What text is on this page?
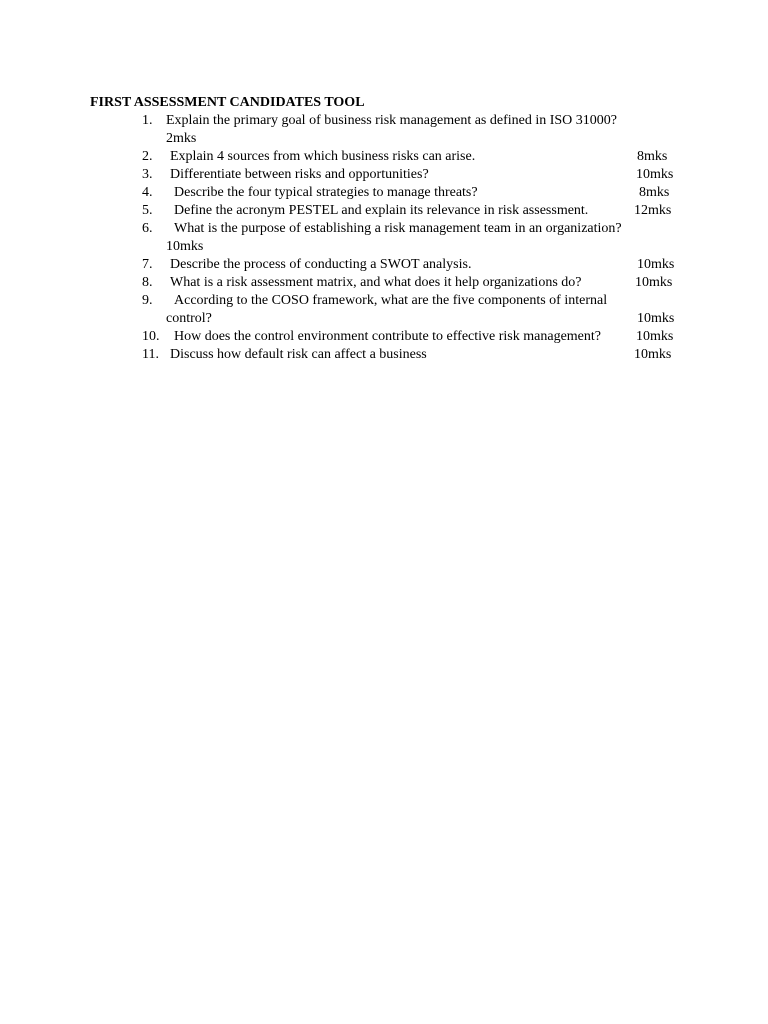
FIRST ASSESSMENT CANDIDATES TOOL
1. Explain the primary goal of business risk management as defined in ISO 31000?
2mks
2. Explain 4 sources from which business risks can arise.	8mks
3. Differentiate between risks and opportunities?	10mks
4. Describe the four typical strategies to manage threats?	8mks
5. Define the acronym PESTEL and explain its relevance in risk assessment.	12mks
6. What is the purpose of establishing a risk management team in an organization?
10mks
7. Describe the process of conducting a SWOT analysis.	10mks
8. What is a risk assessment matrix, and what does it help organizations do?	10mks
9. According to the COSO framework, what are the five components of internal
control?	10mks
10. How does the control environment contribute to effective risk management?	10mks
11. Discuss how default risk can affect a business	10mks
